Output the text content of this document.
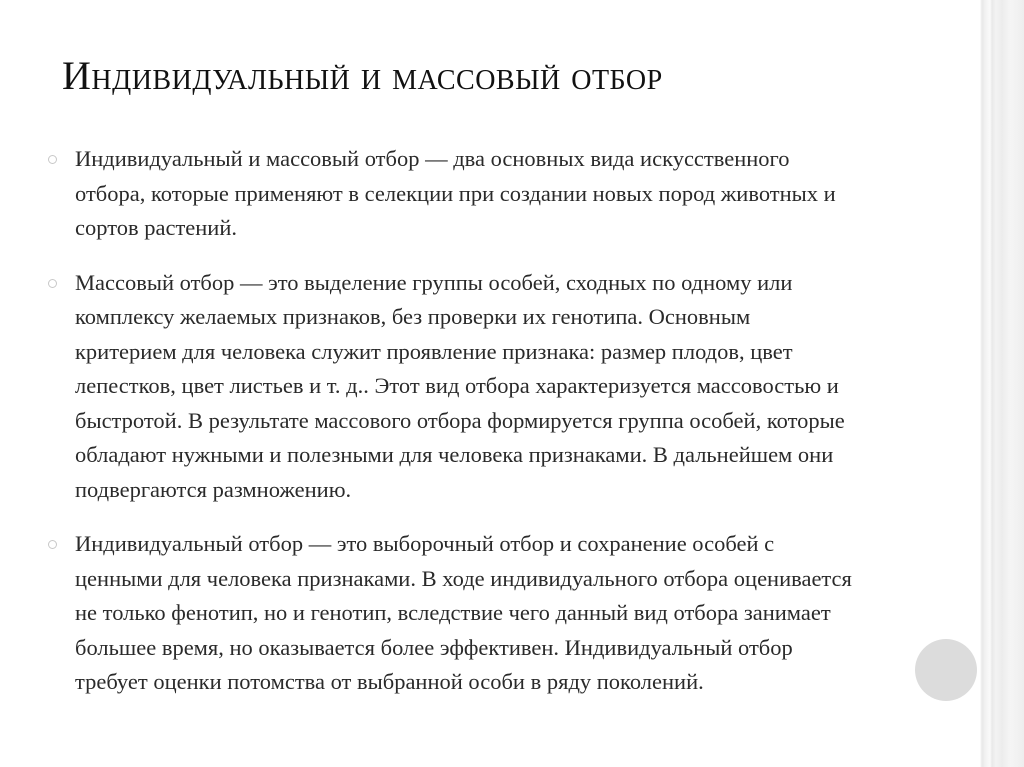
Индивидуальный и массовый отбор
Индивидуальный и массовый отбор — два основных вида искусственного
отбора, которые применяют в селекции при создании новых пород животных и
сортов растений.
Массовый отбор — это выделение группы особей, сходных по одному или
комплексу желаемых признаков, без проверки их генотипа. Основным
критерием для человека служит проявление признака: размер плодов, цвет
лепестков, цвет листьев и т. д.. Этот вид отбора характеризуется массовостью и
быстротой. В результате массового отбора формируется группа особей, которые
обладают нужными и полезными для человека признаками. В дальнейшем они
подвергаются размножению.
Индивидуальный отбор — это выборочный отбор и сохранение особей с
ценными для человека признаками. В ходе индивидуального отбора оценивается
не только фенотип, но и генотип, вследствие чего данный вид отбора занимает
большее время, но оказывается более эффективен. Индивидуальный отбор
требует оценки потомства от выбранной особи в ряду поколений.
